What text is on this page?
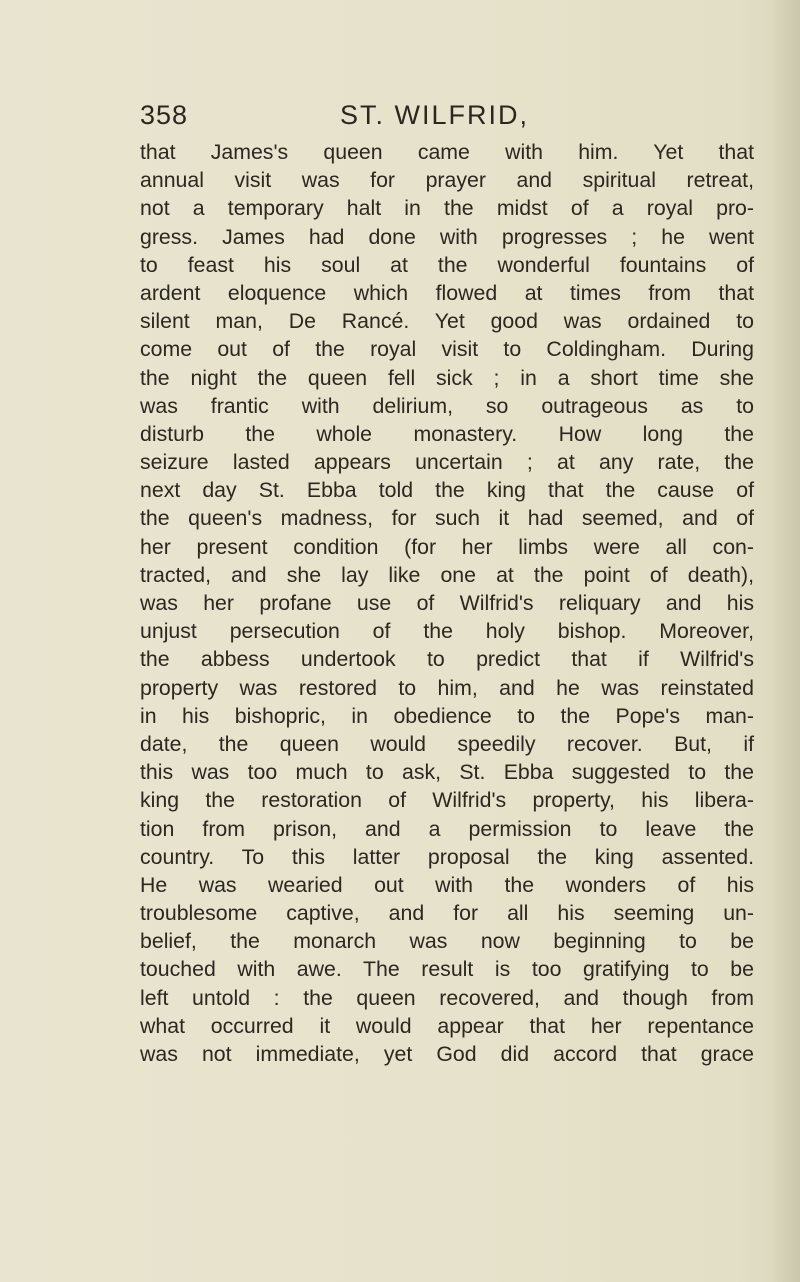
358	ST. WILFRID,
that James's queen came with him. Yet that
annual visit was for prayer and spiritual retreat,
not a temporary halt in the midst of a royal pro-
gress. James had done with progresses ; he went
to feast his soul at the wonderful fountains of
ardent eloquence which flowed at times from that
silent man, De Rancé. Yet good was ordained to
come out of the royal visit to Coldingham. During
the night the queen fell sick ; in a short time she
was frantic with delirium, so outrageous as to
disturb the whole monastery. How long the
seizure lasted appears uncertain ; at any rate, the
next day St. Ebba told the king that the cause of
the queen's madness, for such it had seemed, and of
her present condition (for her limbs were all con-
tracted, and she lay like one at the point of death),
was her profane use of Wilfrid's reliquary and his
unjust persecution of the holy bishop. Moreover,
the abbess undertook to predict that if Wilfrid's
property was restored to him, and he was reinstated
in his bishopric, in obedience to the Pope's man-
date, the queen would speedily recover. But, if
this was too much to ask, St. Ebba suggested to the
king the restoration of Wilfrid's property, his libera-
tion from prison, and a permission to leave the
country. To this latter proposal the king assented.
He was wearied out with the wonders of his
troublesome captive, and for all his seeming un-
belief, the monarch was now beginning to be
touched with awe. The result is too gratifying to be
left untold : the queen recovered, and though from
what occurred it would appear that her repentance
was not immediate, yet God did accord that grace
